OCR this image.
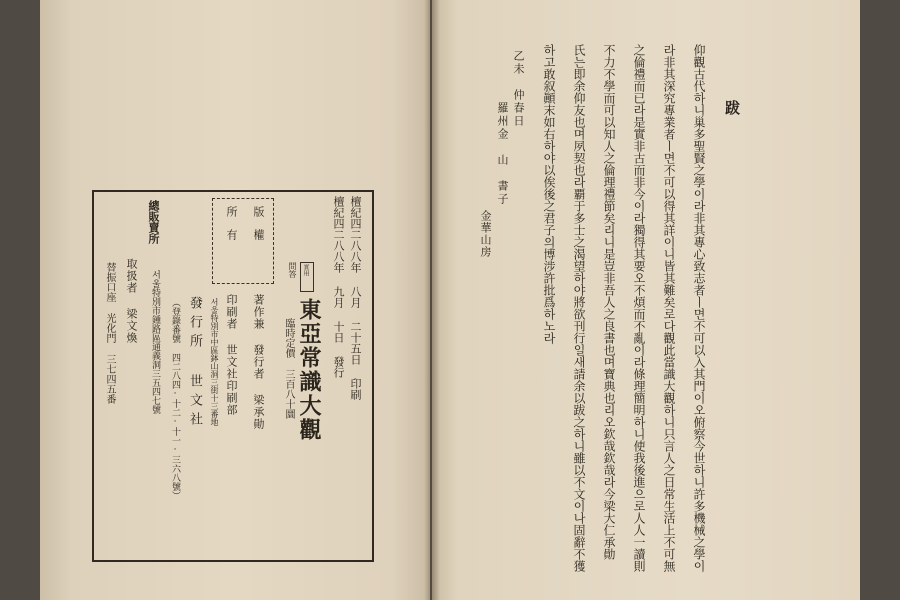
檀紀四二八八年 八月 二十五日 印刷
檀紀四二八八年 九月 十日 發行
實用
問答
東亞常識大觀
臨時定價 三百八十圜
版權
所有
著作兼 發行者 梁承勛
印刷者 世文社印刷部
서울特別市中區鉢山洞三街十三番地
發行所 世文社
（登錄番號 四二八四·十二·十一·三六八號）
總販賣所
서울特別市鍾路區通義洞三五四七號
取扱者 梁文煥
替振口座 光化門 三七四五番
跋
仰觀古代하니巢多聖賢之學이라非其專心致志者ㅣ면不可以入其門이오俯察今世하니許多機械之學이
라非其深究專業者ㅣ면不可以得其詳이니皆其難矣로다觀此當識大觀하니只言人之日常生活上不可無
之倫禮而已라是實非古而非今이라獨得其要오不煩而不亂이라條理簡明하니使我後進으로人人一讀則
不力不學而可以知人之倫理禮節矣리니是豈非吾人之良書也며寶典也리오欽哉欽哉라今梁大仁承勛
氏는即余仰友也며夙契也라覇于多士之渴望하야將欲刊行일새請余以跋之하니雖以不文이나固辭不獲
하고敢叙顚末如右하야以俟後之君子의博涉許批爲하노라
乙未　仲春日
羅州金　山　書子
金華山房
